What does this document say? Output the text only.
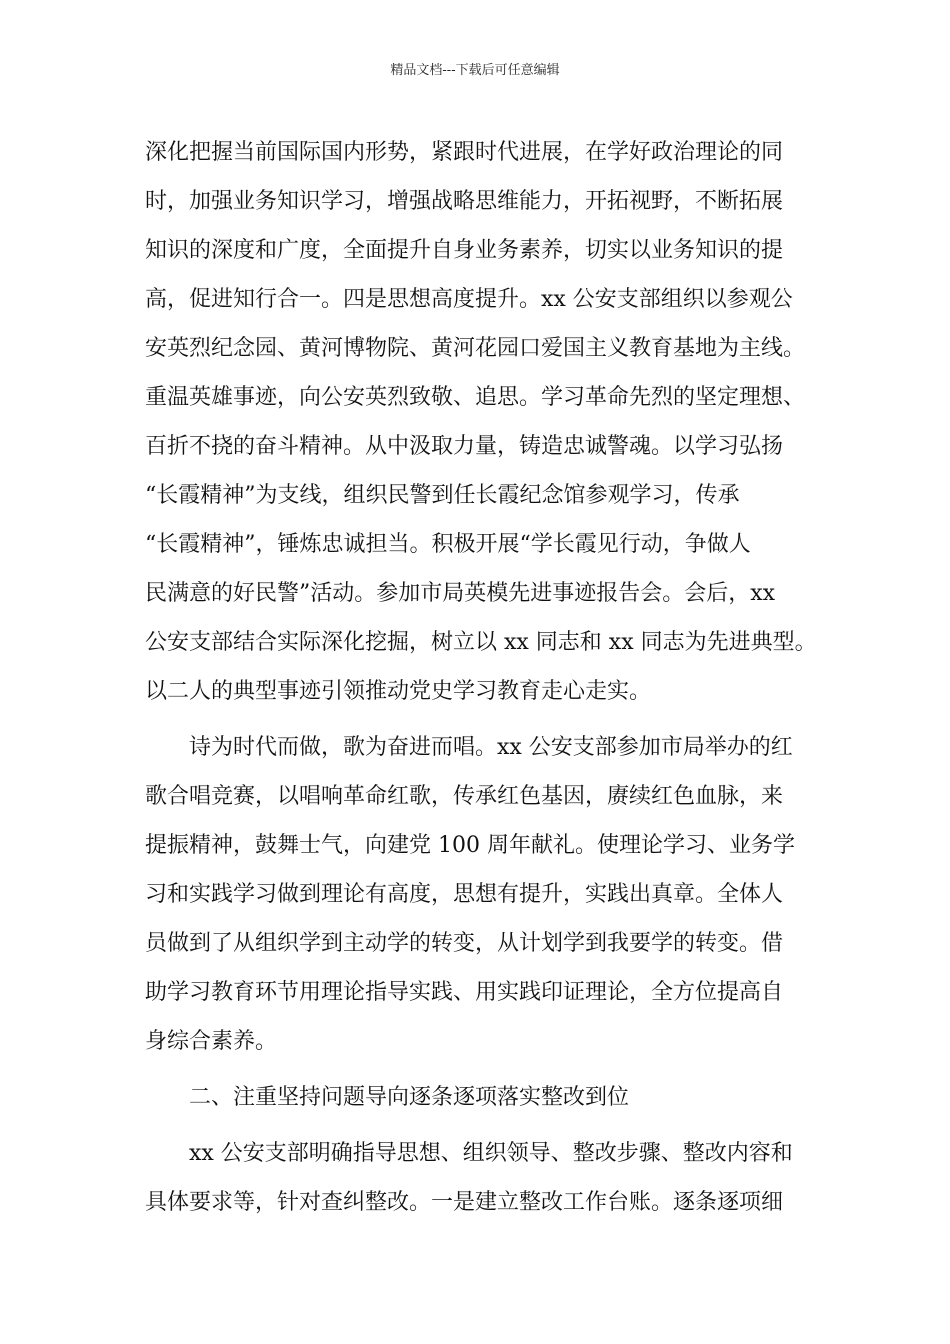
精品文档---下载后可任意编辑
深化把握当前国际国内形势，紧跟时代进展，在学好政治理论的同
时，加强业务知识学习，增强战略思维能力，开拓视野，不断拓展
知识的深度和广度，全面提升自身业务素养，切实以业务知识的提
高，促进知行合一。四是思想高度提升。xx 公安支部组织以参观公
安英烈纪念园、黄河博物院、黄河花园口爱国主义教育基地为主线。
重温英雄事迹，向公安英烈致敬、追思。学习革命先烈的坚定理想、
百折不挠的奋斗精神。从中汲取力量，铸造忠诚警魂。以学习弘扬
“长霞精神”为支线，组织民警到任长霞纪念馆参观学习，传承
“长霞精神”，锤炼忠诚担当。积极开展“学长霞见行动，争做人
民满意的好民警”活动。参加市局英模先进事迹报告会。会后，xx
公安支部结合实际深化挖掘，树立以 xx 同志和 xx 同志为先进典型。
以二人的典型事迹引领推动党史学习教育走心走实。
诗为时代而做，歌为奋进而唱。xx 公安支部参加市局举办的红
歌合唱竞赛，以唱响革命红歌，传承红色基因，赓续红色血脉，来
提振精神，鼓舞士气，向建党 100 周年献礼。使理论学习、业务学
习和实践学习做到理论有高度，思想有提升，实践出真章。全体人
员做到了从组织学到主动学的转变，从计划学到我要学的转变。借
助学习教育环节用理论指导实践、用实践印证理论，全方位提高自
身综合素养。
二、注重坚持问题导向逐条逐项落实整改到位
xx 公安支部明确指导思想、组织领导、整改步骤、整改内容和
具体要求等，针对查纠整改。一是建立整改工作台账。逐条逐项细
